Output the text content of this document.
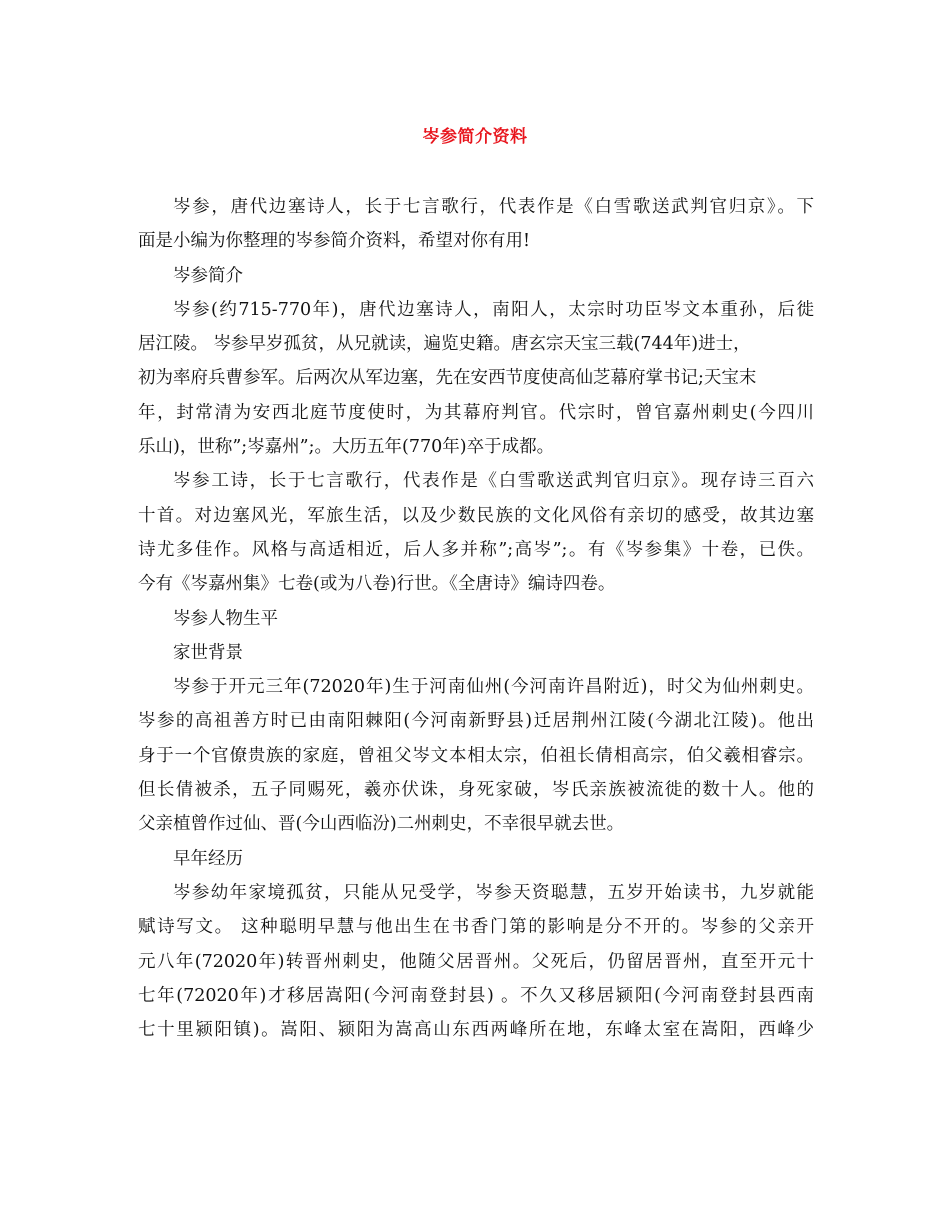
岑参简介资料
岑参，唐代边塞诗人，长于七言歌行，代表作是《白雪歌送武判官归京》。下
面是小编为你整理的岑参简介资料，希望对你有用!
岑参简介
岑参(约715-770年)，唐代边塞诗人，南阳人，太宗时功臣岑文本重孙，后徙
居江陵。 岑参早岁孤贫，从兄就读，遍览史籍。唐玄宗天宝三载(744年)进士，
初为率府兵曹参军。后两次从军边塞，先在安西节度使高仙芝幕府掌书记;天宝末
年，封常清为安西北庭节度使时，为其幕府判官。代宗时，曾官嘉州刺史(今四川
乐山)，世称”;岑嘉州”;。大历五年(770年)卒于成都。
岑参工诗，长于七言歌行，代表作是《白雪歌送武判官归京》。现存诗三百六
十首。对边塞风光，军旅生活，以及少数民族的文化风俗有亲切的感受，故其边塞
诗尤多佳作。风格与高适相近，后人多并称”;高岑”;。有《岑参集》十卷，已佚。
今有《岑嘉州集》七卷(或为八卷)行世。《全唐诗》编诗四卷。
岑参人物生平
家世背景
岑参于开元三年(72020年)生于河南仙州(今河南许昌附近)，时父为仙州刺史。
岑参的高祖善方时已由南阳棘阳(今河南新野县)迁居荆州江陵(今湖北江陵)。他出
身于一个官僚贵族的家庭，曾祖父岑文本相太宗，伯祖长倩相高宗，伯父羲相睿宗。
但长倩被杀，五子同赐死，羲亦伏诛，身死家破，岑氏亲族被流徙的数十人。他的
父亲植曾作过仙、晋(今山西临汾)二州刺史，不幸很早就去世。
早年经历
岑参幼年家境孤贫，只能从兄受学，岑参天资聪慧，五岁开始读书，九岁就能
赋诗写文。 这种聪明早慧与他出生在书香门第的影响是分不开的。岑参的父亲开
元八年(72020年)转晋州刺史，他随父居晋州。父死后，仍留居晋州，直至开元十
七年(72020年)才移居嵩阳(今河南登封县) 。不久又移居颍阳(今河南登封县西南
七十里颍阳镇)。嵩阳、颍阳为嵩高山东西两峰所在地，东峰太室在嵩阳，西峰少
